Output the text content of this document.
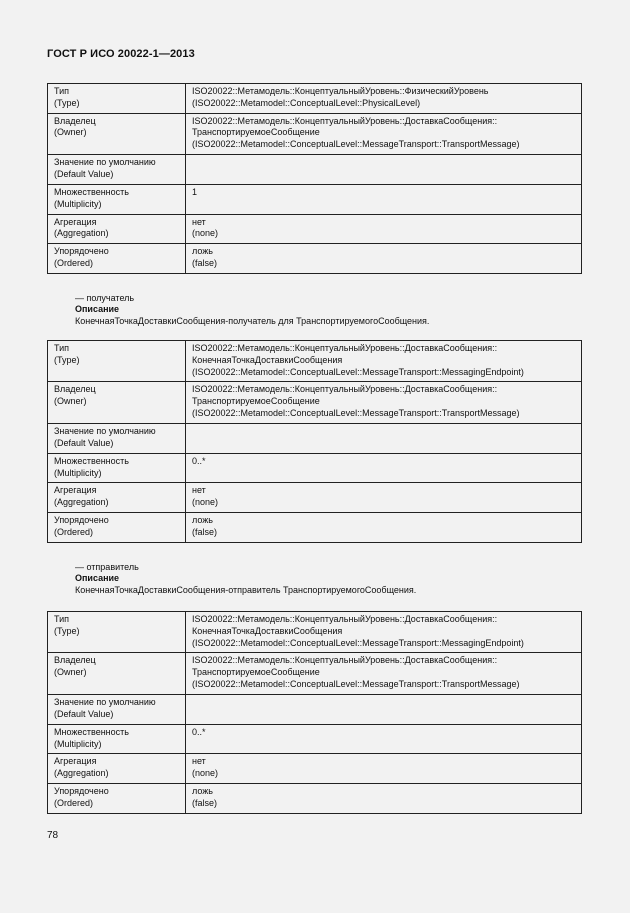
ГОСТ Р ИСО 20022-1—2013
Тип
(Type)	ISO20022::Метамодель::КонцептуальныйУровень::ФизическийУровень
(ISO20022::Metamodel::ConceptualLevel::PhysicalLevel)

Владелец
(Owner)	ISO20022::Метамодель::КонцептуальныйУровень::ДоставкаСообщения::
ТранспортируемоеСообщение
(ISO20022::Metamodel::ConceptualLevel::MessageTransport::TransportMessage)

Значение по умолчанию
(Default Value)	

Множественность
(Multiplicity)	1

Агрегация
(Aggregation)	нет
(none)

Упорядочено
(Ordered)	ложь
(false)
— получатель
Описание
КонечнаяТочкаДоставкиСообщения-получатель для ТранспортируемогоСообщения.
Тип
(Type)	ISO20022::Метамодель::КонцептуальныйУровень::ДоставкаСообщения::
КонечнаяТочкаДоставкиСообщения
(ISO20022::Metamodel::ConceptualLevel::MessageTransport::MessagingEndpoint)

Владелец
(Owner)	ISO20022::Метамодель::КонцептуальныйУровень::ДоставкаСообщения::
ТранспортируемоеСообщение
(ISO20022::Metamodel::ConceptualLevel::MessageTransport::TransportMessage)

Значение по умолчанию
(Default Value)	

Множественность
(Multiplicity)	0..*

Агрегация
(Aggregation)	нет
(none)

Упорядочено
(Ordered)	ложь
(false)
— отправитель
Описание
КонечнаяТочкаДоставкиСообщения-отправитель ТранспортируемогоСообщения.
Тип
(Type)	ISO20022::Метамодель::КонцептуальныйУровень::ДоставкаСообщения::
КонечнаяТочкаДоставкиСообщения
(ISO20022::Metamodel::ConceptualLevel::MessageTransport::MessagingEndpoint)

Владелец
(Owner)	ISO20022::Метамодель::КонцептуальныйУровень::ДоставкаСообщения::
ТранспортируемоеСообщение
(ISO20022::Metamodel::ConceptualLevel::MessageTransport::TransportMessage)

Значение по умолчанию
(Default Value)	

Множественность
(Multiplicity)	0..*

Агрегация
(Aggregation)	нет
(none)

Упорядочено
(Ordered)	ложь
(false)
78
